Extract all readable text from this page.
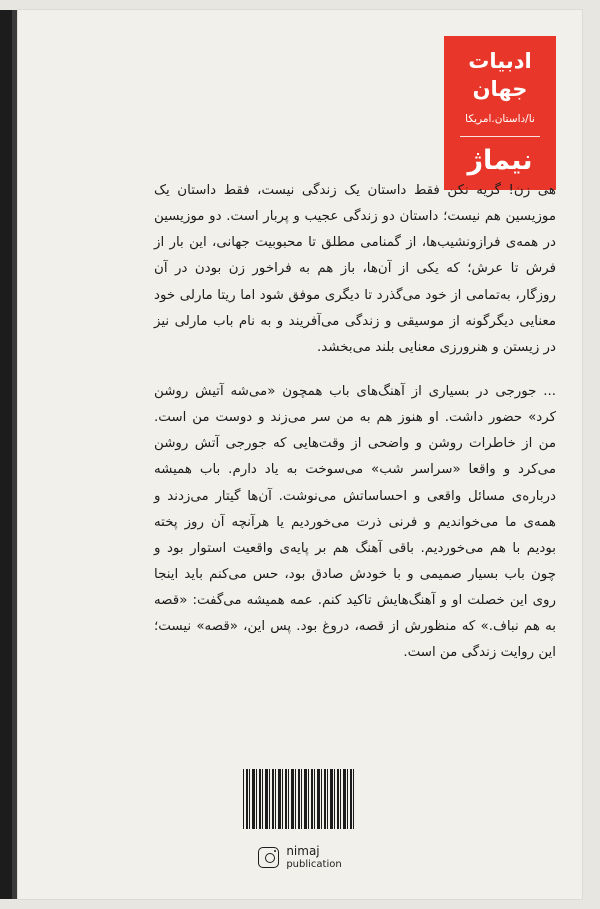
ادبیات
جهان
نا/داستان.امریکا
نیماژ

هی زن! گریه نکن فقط داستان یک زندگی نیست، فقط داستان یک موزیسین هم نیست؛ داستان دو زندگی عجیب و پربار است. دو موزیسین در همه‌ی فرازونشیب‌ها، از گمنامی مطلق تا محبوبیت جهانی، این بار از فرش تا عرش؛ که یکی از آن‌ها، باز هم به فراخور زن بودن در آن روزگار، به‌تمامی از خود می‌گذرد تا دیگری موفق شود اما ریتا مارلی خود معنایی دیگرگونه از موسیقی و زندگی می‌آفریند و به نام باب مارلی نیز در زیستن و هنرورزی معنایی بلند می‌بخشد.

... جورجی در بسیاری از آهنگ‌های باب همچون «می‌شه آتیش روشن کرد» حضور داشت. او هنوز هم به من سر می‌زند و دوست من است. من از خاطرات روشن و واضحی از وقت‌هایی که جورجی آتش روشن می‌کرد و واقعا «سراسر شب» می‌سوخت به یاد دارم. باب همیشه درباره‌ی مسائل واقعی و احساساتش می‌نوشت. آن‌ها گیتار می‌زدند و همه‌ی ما می‌خواندیم و فرنی ذرت می‌خوردیم یا هرآنچه آن روز پخته بودیم با هم می‌خوردیم. باقی آهنگ هم بر پایه‌ی واقعیت استوار بود و چون باب بسیار صمیمی و با خودش صادق بود، حس می‌کنم باید اینجا روی این خصلت او و آهنگ‌هایش تاکید کنم. عمه همیشه می‌گفت: «قصه به هم نباف.» که منظورش از قصه، دروغ بود. پس این، «قصه» نیست؛ این روایت زندگی من است.

nimaj
publication
